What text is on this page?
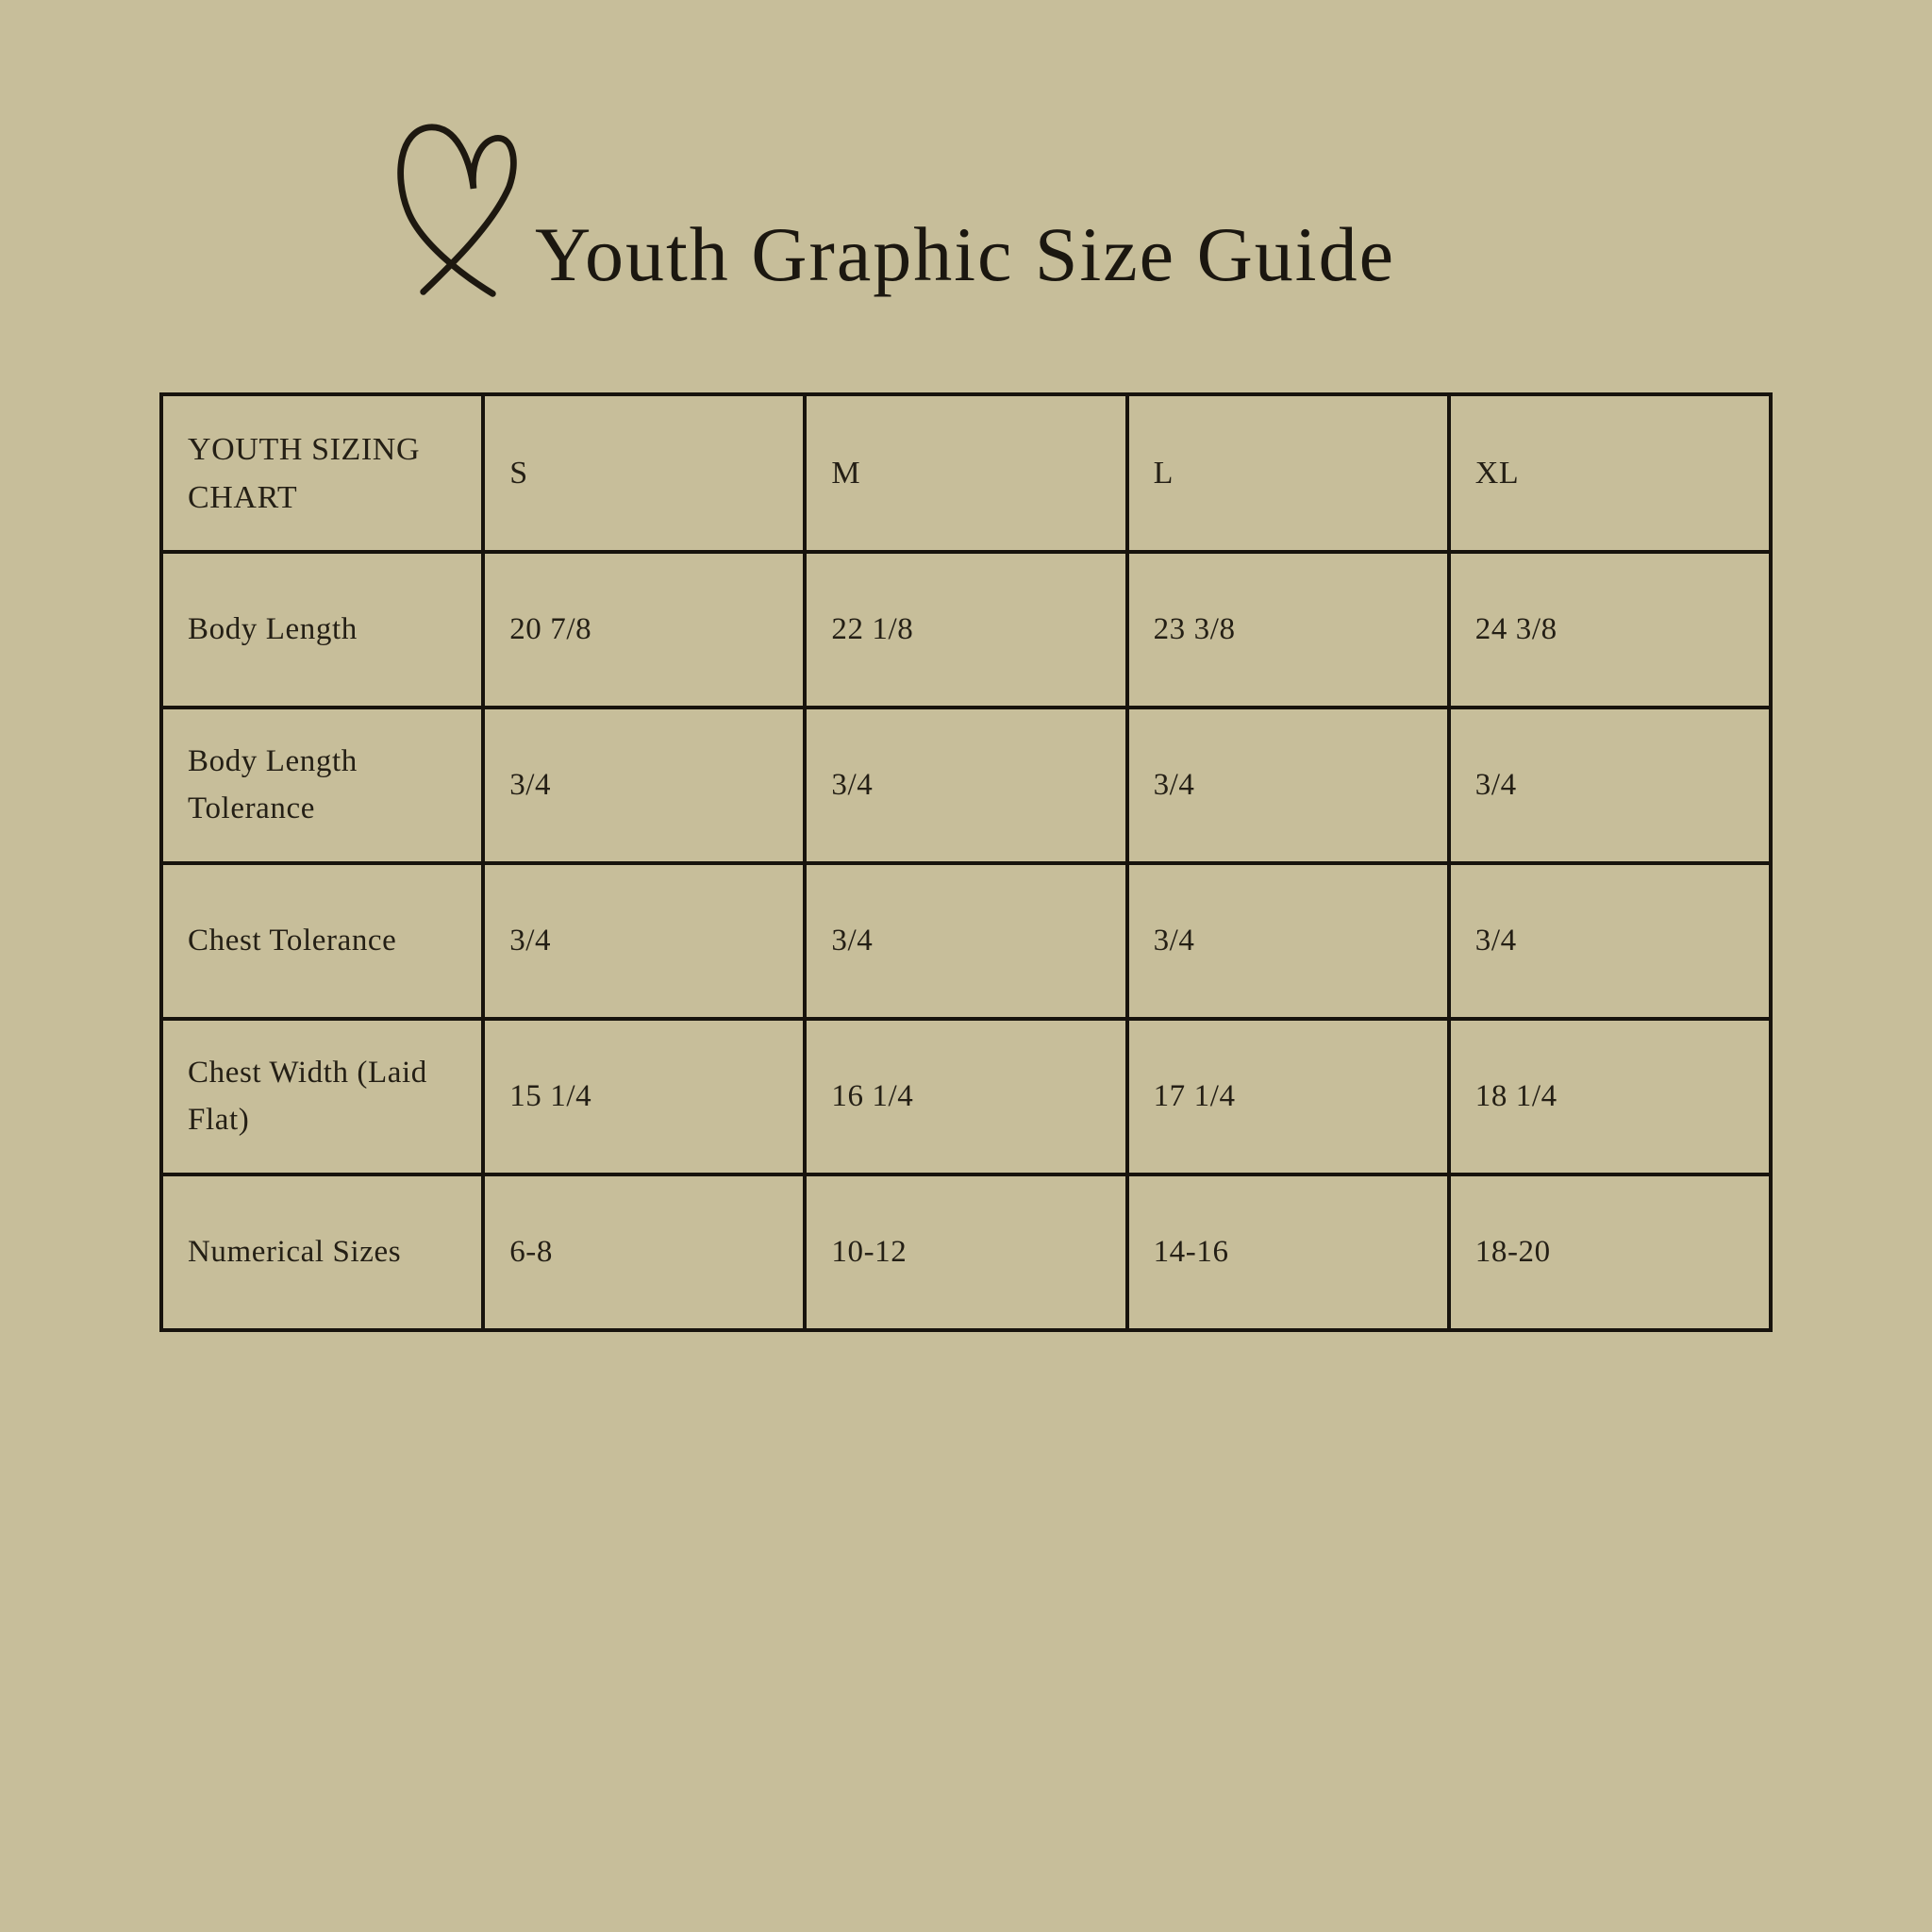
Youth Graphic Size Guide
YOUTH SIZING CHART	S	M	L	XL
Body Length	20 7/8	22 1/8	23 3/8	24 3/8
Body Length Tolerance	3/4	3/4	3/4	3/4
Chest Tolerance	3/4	3/4	3/4	3/4
Chest Width (Laid Flat)	15 1/4	16 1/4	17 1/4	18 1/4
Numerical Sizes	6-8	10-12	14-16	18-20
